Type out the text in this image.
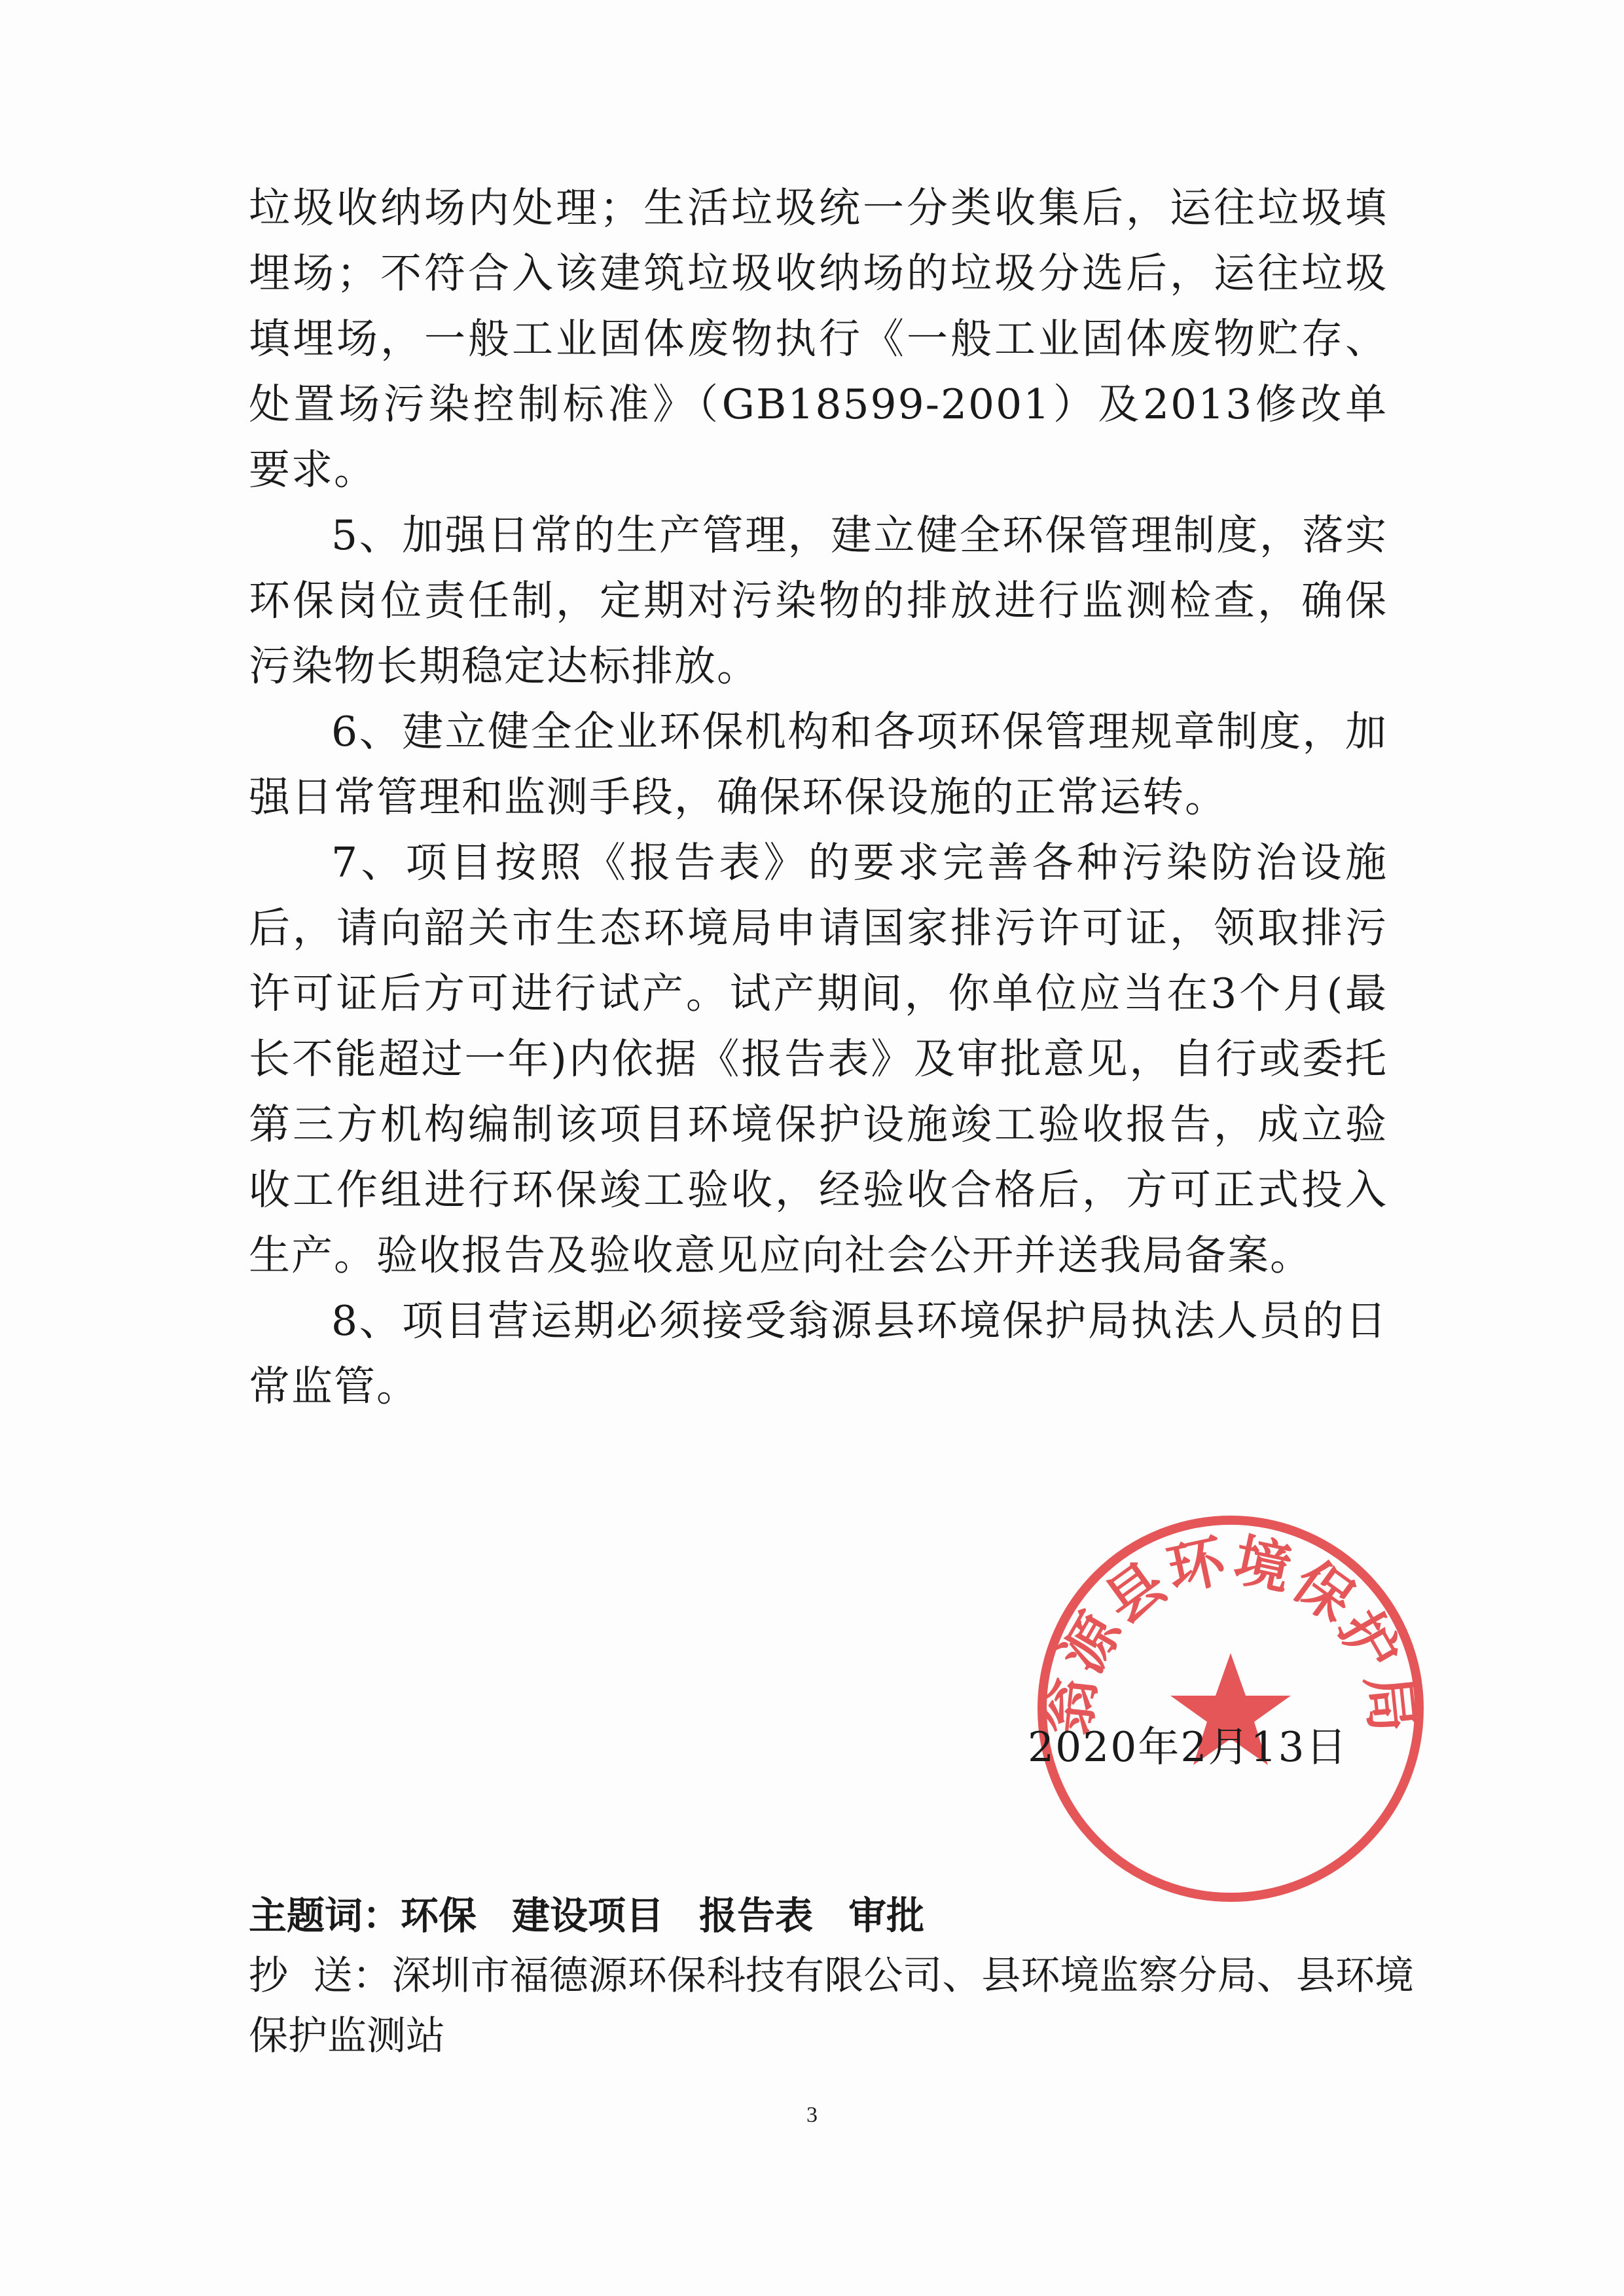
垃圾收纳场内处理；生活垃圾统一分类收集后，运往垃圾填埋场；不符合入该建筑垃圾收纳场的垃圾分选后，运往垃圾填埋场，一般工业固体废物执行《一般工业固体废物贮存、处置场污染控制标准》（GB18599-2001）及2013修改单要求。

5、加强日常的生产管理，建立健全环保管理制度，落实环保岗位责任制，定期对污染物的排放进行监测检查，确保污染物长期稳定达标排放。

6、建立健全企业环保机构和各项环保管理规章制度，加强日常管理和监测手段，确保环保设施的正常运转。

7、项目按照《报告表》的要求完善各种污染防治设施后，请向韶关市生态环境局申请国家排污许可证，领取排污许可证后方可进行试产。试产期间，你单位应当在3个月(最长不能超过一年)内依据《报告表》及审批意见，自行或委托第三方机构编制该项目环境保护设施竣工验收报告，成立验收工作组进行环保竣工验收，经验收合格后，方可正式投入生产。验收报告及验收意见应向社会公开并送我局备案。

8、项目营运期必须接受翁源县环境保护局执法人员的日常监管。

翁源县环境保护局
2020年2月13日
主题词：环保 建设项目 报告表 审批

抄  送：深圳市福德源环保科技有限公司、县环境监察分局、县环境保护监测站

3
